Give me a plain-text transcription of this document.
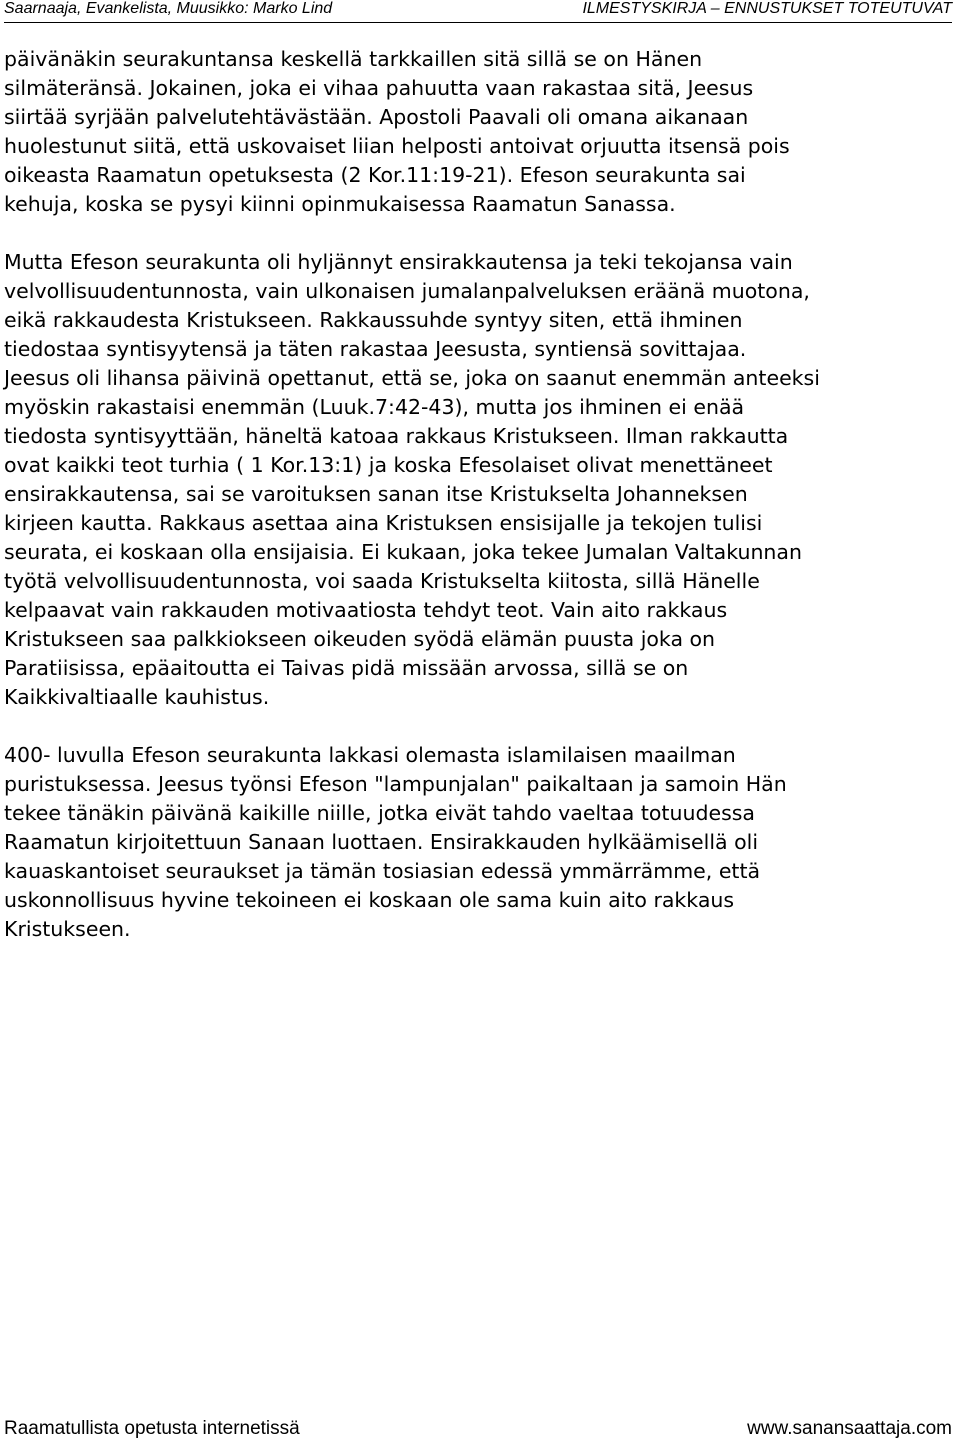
Saarnaaja, Evankelista, Muusikko: Marko Lind	ILMESTYSKIRJA – ENNUSTUKSET TOTEUTUVAT

päivänäkin seurakuntansa keskellä tarkkaillen sitä sillä se on Hänen
silmäteränsä. Jokainen, joka ei vihaa pahuutta vaan rakastaa sitä, Jeesus
siirtää syrjään palvelutehtävästään. Apostoli Paavali oli omana aikanaan
huolestunut siitä, että uskovaiset liian helposti antoivat orjuutta itsensä pois
oikeasta Raamatun opetuksesta (2 Kor.11:19-21). Efeson seurakunta sai
kehuja, koska se pysyi kiinni opinmukaisessa Raamatun Sanassa.

Mutta Efeson seurakunta oli hyljännyt ensirakkautensa ja teki tekojansa vain
velvollisuudentunnosta, vain ulkonaisen jumalanpalveluksen eräänä muotona,
eikä rakkaudesta Kristukseen. Rakkaussuhde syntyy siten, että ihminen
tiedostaa syntisyytensä ja täten rakastaa Jeesusta, syntiensä sovittajaa.
Jeesus oli lihansa päivinä opettanut, että se, joka on saanut enemmän anteeksi
myöskin rakastaisi enemmän (Luuk.7:42-43), mutta jos ihminen ei enää
tiedosta syntisyyttään, häneltä katoaa rakkaus Kristukseen. Ilman rakkautta
ovat kaikki teot turhia ( 1 Kor.13:1) ja koska Efesolaiset olivat menettäneet
ensirakkautensa, sai se varoituksen sanan itse Kristukselta Johanneksen
kirjeen kautta. Rakkaus asettaa aina Kristuksen ensisijalle ja tekojen tulisi
seurata, ei koskaan olla ensijaisia. Ei kukaan, joka tekee Jumalan Valtakunnan
työtä velvollisuudentunnosta, voi saada Kristukselta kiitosta, sillä Hänelle
kelpaavat vain rakkauden motivaatiosta tehdyt teot. Vain aito rakkaus
Kristukseen saa palkkiokseen oikeuden syödä elämän puusta joka on
Paratiisissa, epäaitoutta ei Taivas pidä missään arvossa, sillä se on
Kaikkivaltiaalle kauhistus.

400- luvulla Efeson seurakunta lakkasi olemasta islamilaisen maailman
puristuksessa. Jeesus työnsi Efeson "lampunjalan" paikaltaan ja samoin Hän
tekee tänäkin päivänä kaikille niille, jotka eivät tahdo vaeltaa totuudessa
Raamatun kirjoitettuun Sanaan luottaen. Ensirakkauden hylkäämisellä oli
kauaskantoiset seuraukset ja tämän tosiasian edessä ymmärrämme, että
uskonnollisuus hyvine tekoineen ei koskaan ole sama kuin aito rakkaus
Kristukseen.

Raamatullista opetusta internetissä	www.sanansaattaja.com
